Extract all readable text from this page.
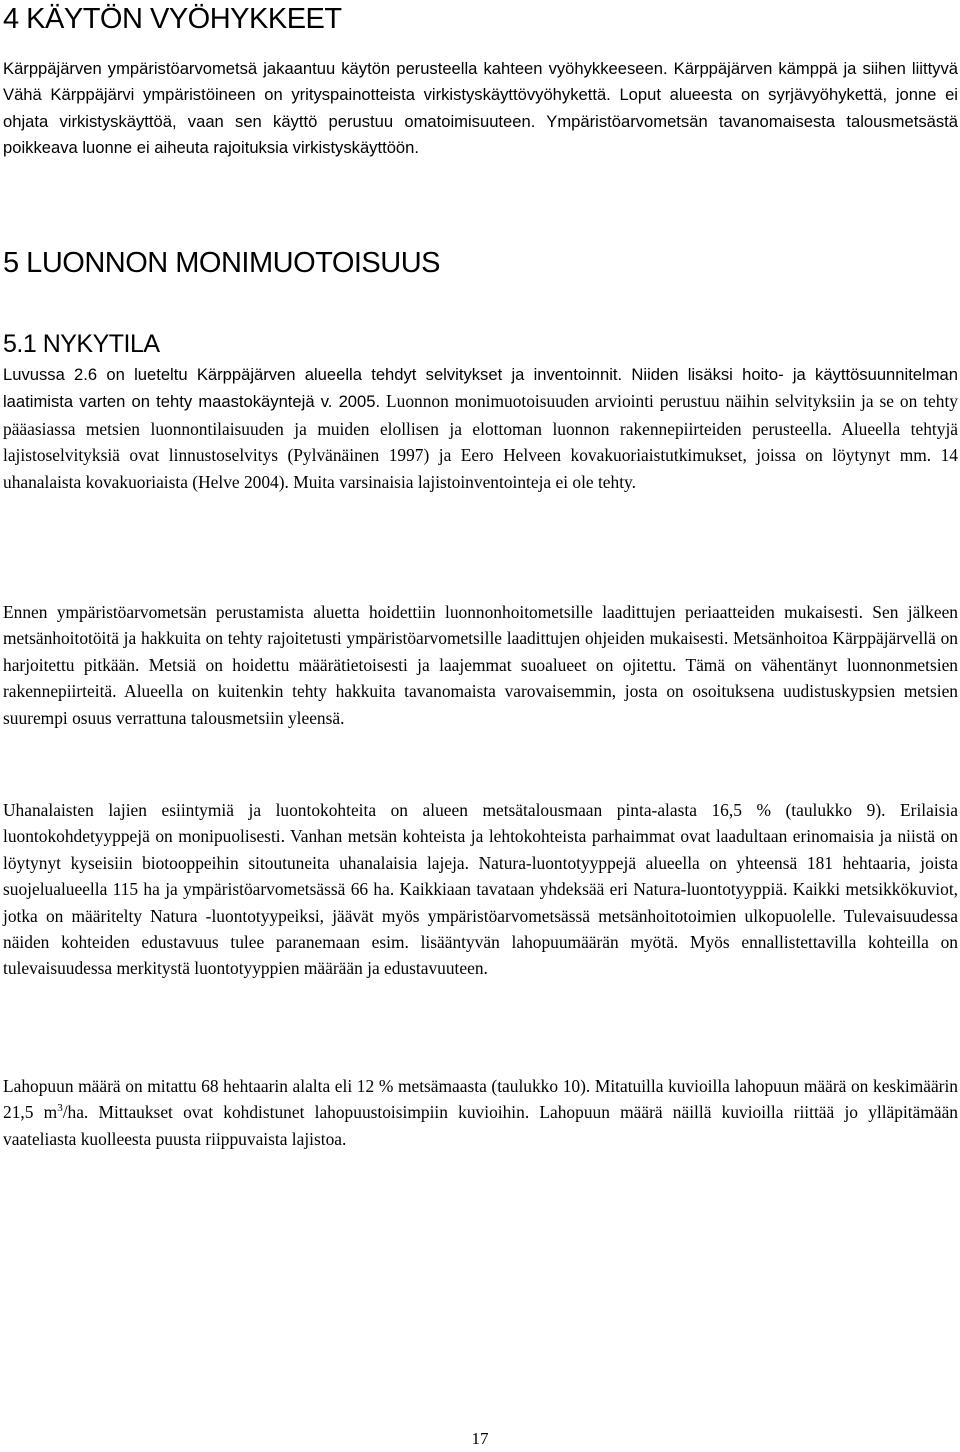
4 KÄYTÖN VYÖHYKKEET

Kärppäjärven ympäristöarvometsä jakaantuu käytön perusteella kahteen vyöhykkeeseen. Kärppäjärven kämppä ja siihen liittyvä Vähä Kärppäjärvi ympäristöineen on yrityspainotteista virkistyskäyttövyöhykettä. Loput alueesta on syrjävyöhykettä, jonne ei ohjata virkistyskäyttöä, vaan sen käyttö perustuu omatoimisuuteen. Ympäristöarvometsän tavanomaisesta talousmetsästä poikkeava luonne ei aiheuta rajoituksia virkistyskäyttöön.

5 LUONNON MONIMUOTOISUUS
5.1 NYKYTILA

Luvussa 2.6 on lueteltu Kärppäjärven alueella tehdyt selvitykset ja inventoinnit. Niiden lisäksi hoito- ja käyttösuunnitelman laatimista varten on tehty maastokäyntejä v. 2005. Luonnon monimuotoisuuden arviointi perustuu näihin selvityksiin ja se on tehty pääasiassa metsien luonnontilaisuuden ja muiden elollisen ja elottoman luonnon rakennepiirteiden perusteella. Alueella tehtyjä lajistoselvityksiä ovat linnustoselvitys (Pylvänäinen 1997) ja Eero Helveen kovakuoriaistutkimukset, joissa on löytynyt mm. 14 uhanalaista kovakuoriaista (Helve 2004). Muita varsinaisia lajistoinventointeja ei ole tehty.

Ennen ympäristöarvometsän perustamista aluetta hoidettiin luonnonhoitometsille laadittujen periaatteiden mukaisesti. Sen jälkeen metsänhoitotöitä ja hakkuita on tehty rajoitetusti ympäristöarvometsille laadittujen ohjeiden mukaisesti. Metsänhoitoa Kärppäjärvellä on harjoitettu pitkään. Metsiä on hoidettu määrätietoisesti ja laajemmat suoalueet on ojitettu. Tämä on vähentänyt luonnonmetsien rakennepiirteitä. Alueella on kuitenkin tehty hakkuita tavanomaista varovaisemmin, josta on osoituksena uudistuskypsien metsien suurempi osuus verrattuna talousmetsiin yleensä.

Uhanalaisten lajien esiintymiä ja luontokohteita on alueen metsätalousmaan pinta-alasta 16,5 % (taulukko 9). Erilaisia luontokohdetyyppejä on monipuolisesti. Vanhan metsän kohteista ja lehtokohteista parhaimmat ovat laadultaan erinomaisia ja niistä on löytynyt kyseisiin biotooppeihin sitoutuneita uhanalaisia lajeja. Natura-luontotyyppejä alueella on yhteensä 181 hehtaaria, joista suojelualueella 115 ha ja ympäristöarvometsässä 66 ha. Kaikkiaan tavataan yhdeksää eri Natura-luontotyyppiä. Kaikki metsikkökuviot, jotka on määritelty Natura -luontotyypeiksi, jäävät myös ympäristöarvometsässä metsänhoitotoimien ulkopuolelle. Tulevaisuudessa näiden kohteiden edustavuus tulee paranemaan esim. lisääntyvän lahopuumäärän myötä. Myös ennallistettavilla kohteilla on tulevaisuudessa merkitystä luontotyyppien määrään ja edustavuuteen.

Lahopuun määrä on mitattu 68 hehtaarin alalta eli 12 % metsämaasta (taulukko 10). Mitatuilla kuvioilla lahopuun määrä on keskimäärin 21,5 $m^3/ha$. Mittaukset ovat kohdistunet lahopuustoisimpiin kuvioihin. Lahopuun määrä näillä kuvioilla riittää jo ylläpitämään vaateliasta kuolleesta puusta riippuvaista lajistoa.

17
